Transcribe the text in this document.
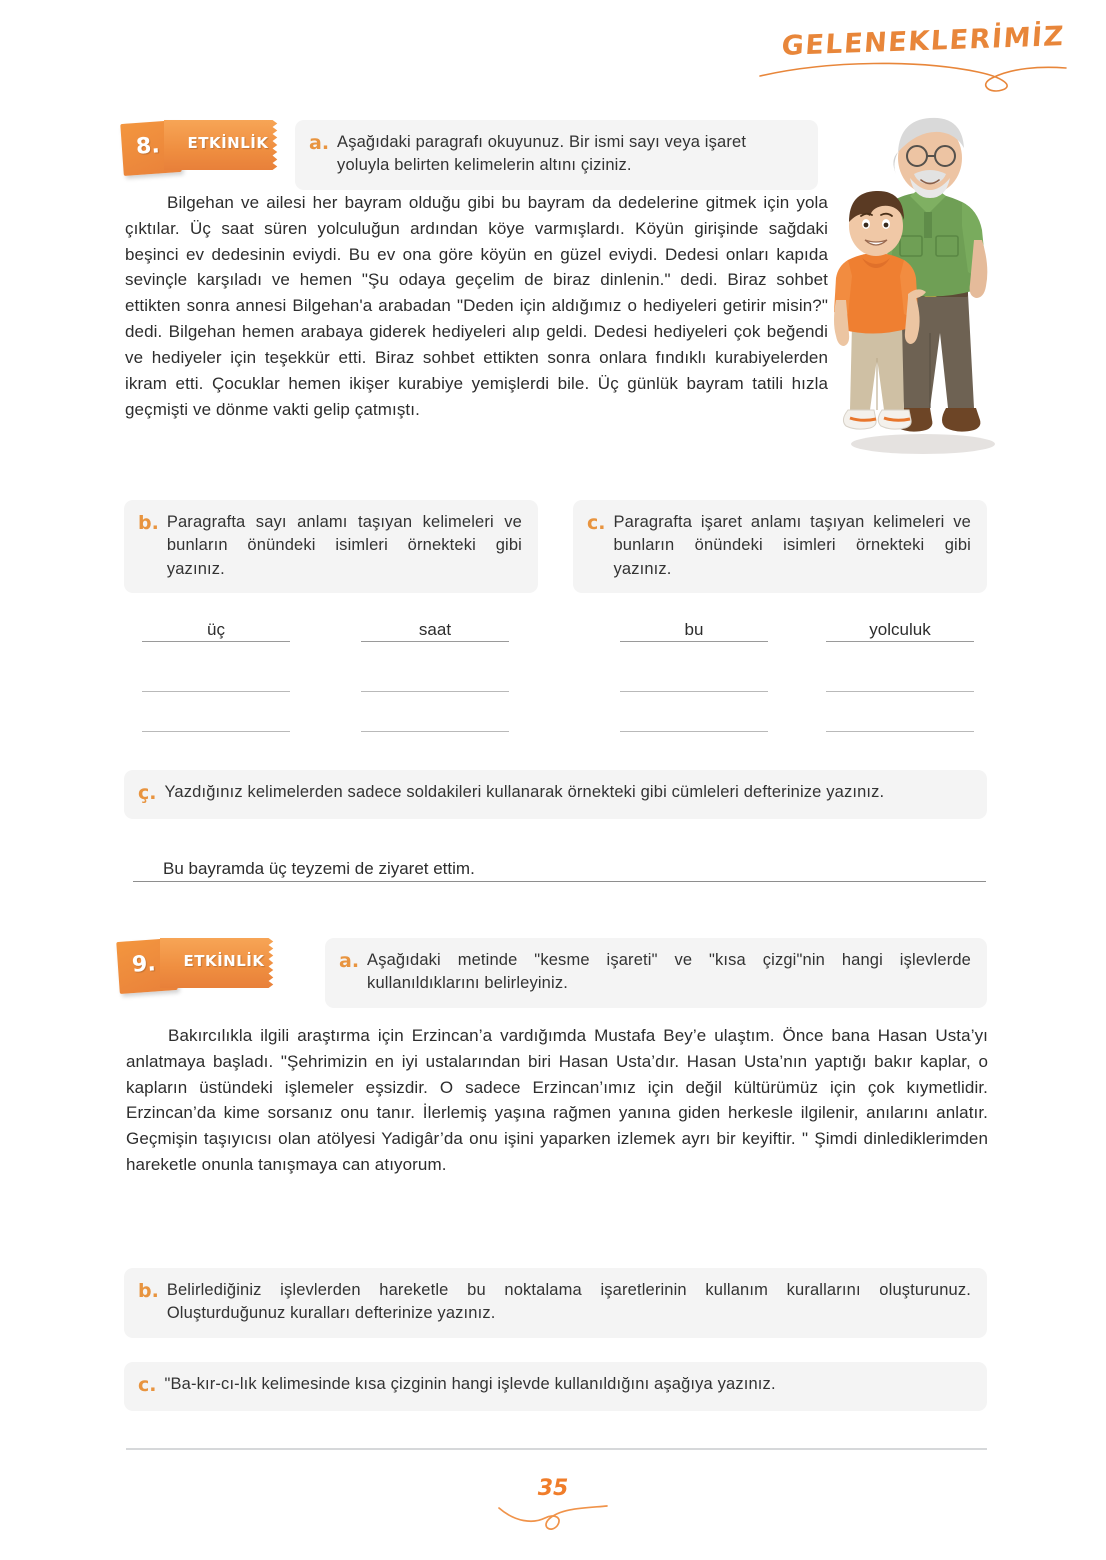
GELENEKLERİMİZ
8.	ETKİNLİK	a. Aşağıdaki paragrafı okuyunuz. Bir ismi sayı veya işaret yoluyla belirten kelimelerin altını çiziniz.
Bilgehan ve ailesi her bayram olduğu gibi bu bayram da dedelerine gitmek için yola çıktılar. Üç saat süren yolculuğun ardından köye varmışlardı. Köyün girişinde sağdaki beşinci ev dedesinin eviydi. Bu ev ona göre köyün en güzel eviydi. Dedesi onları kapıda sevinçle karşıladı ve hemen "Şu odaya geçelim de biraz dinlenin." dedi. Biraz sohbet ettikten sonra annesi Bilgehan'a arabadan "Deden için aldığımız o hediyeleri getirir misin?" dedi. Bilgehan hemen arabaya giderek hediyeleri alıp geldi. Dedesi hediyeleri çok beğendi ve hediyeler için teşekkür etti. Biraz sohbet ettikten sonra onlara fındıklı kurabiyelerden ikram etti. Çocuklar hemen ikişer kurabiye yemişlerdi bile. Üç günlük bayram tatili hızla geçmişti ve dönme vakti gelip çatmıştı.
b. Paragrafta sayı anlamı taşıyan kelimeleri ve bunların önündeki isimleri örnekteki gibi yazınız.
c. Paragrafta işaret anlamı taşıyan kelimeleri ve bunların önündeki isimleri örnekteki gibi yazınız.
üç	saat	bu	yolculuk
ç. Yazdığınız kelimelerden sadece soldakileri kullanarak örnekteki gibi cümleleri defterinize yazınız.
Bu bayramda üç teyzemi de ziyaret ettim.
9.	ETKİNLİK	a. Aşağıdaki metinde "kesme işareti" ve "kısa çizgi"nin hangi işlevlerde kullanıldıklarını belirleyiniz.
Bakırcılıkla ilgili araştırma için Erzincan’a vardığımda Mustafa Bey’e ulaştım. Önce bana Hasan Usta’yı anlatmaya başladı. "Şehrimizin en iyi ustalarından biri Hasan Usta’dır. Hasan Usta’nın yaptığı bakır kaplar, o kapların üstündeki işlemeler eşsizdir. O sadece Erzincan’ımız için değil kültürümüz için çok kıymetlidir. Erzincan’da kime sorsanız onu tanır. İlerlemiş yaşına rağmen yanına giden herkesle ilgilenir, anılarını anlatır. Geçmişin taşıyıcısı olan atölyesi Yadigâr’da onu işini yaparken izlemek ayrı bir keyiftir. " Şimdi dinlediklerimden hareketle onunla tanışmaya can atıyorum.
b. Belirlediğiniz işlevlerden hareketle bu noktalama işaretlerinin kullanım kurallarını oluşturunuz. Oluşturduğunuz kuralları defterinize yazınız.
c. "Ba-kır-cı-lık kelimesinde kısa çizginin hangi işlevde kullanıldığını aşağıya yazınız.
35
